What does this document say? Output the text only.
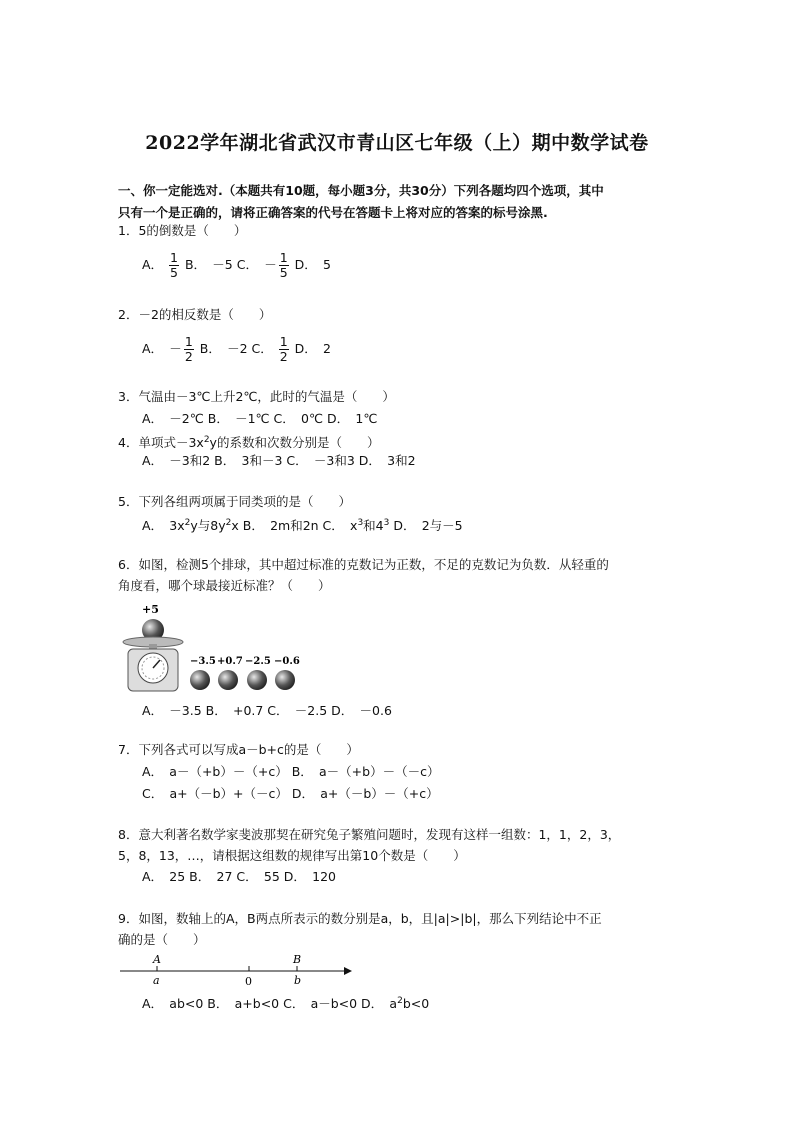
2022学年湖北省武汉市青山区七年级（上）期中数学试卷
一、你一定能选对.（本题共有10题，每小题3分，共30分）下列各题均四个选项，其中
只有一个是正确的，请将正确答案的代号在答题卡上将对应的答案的标号涂黑.
1．5的倒数是（　　）
A． $\frac{1}{5}$ B．　－5 C．　－ $\frac{1}{5}$ D．　5
2．－2的相反数是（　　）
A．　－ $\frac{1}{2}$ B．　－2 C． $\frac{1}{2}$ D．　2
3．气温由－3℃上升2℃，此时的气温是（　　）
A．　－2℃ B．　－1℃ C．　0℃ D．　1℃
4．单项式$-3x^2y$的系数和次数分别是（　　）
A．　－3和2 B．　3和－3 C．　－3和3 D．　3和2
5．下列各组两项属于同类项的是（　　）
A．　$3x^2y$与$8y^2x$ B．　2m和2n C．　$x^3$和$4^3$ D．　2与－5
6．如图，检测5个排球，其中超过标准的克数记为正数，不足的克数记为负数．从轻重的
角度看，哪个球最接近标准？（　　）
+5
−3.5 +0.7 −2.5 −0.6
A．　－3.5 B．　+0.7 C．　－2.5 D．　－0.6
7．下列各式可以写成a－b+c的是（　　）
A．　a－（+b）－（+c） B．　a－（+b）－（－c）
C．　a+（－b）+（－c） D．　a+（－b）－（+c）
8．意大利著名数学家斐波那契在研究兔子繁殖问题时，发现有这样一组数：1，1，2，3，
5，8，13，…，请根据这组数的规律写出第10个数是（　　）
A．　25 B．　27 C．　55 D．　120
9．如图，数轴上的A，B两点所表示的数分别是a，b，且|a|>|b|，那么下列结论中不正
确的是（　　）
A
a
B
b
0
A．　ab<0 B．　a+b<0 C．　a－b<0 D．　$a^2b<0$
